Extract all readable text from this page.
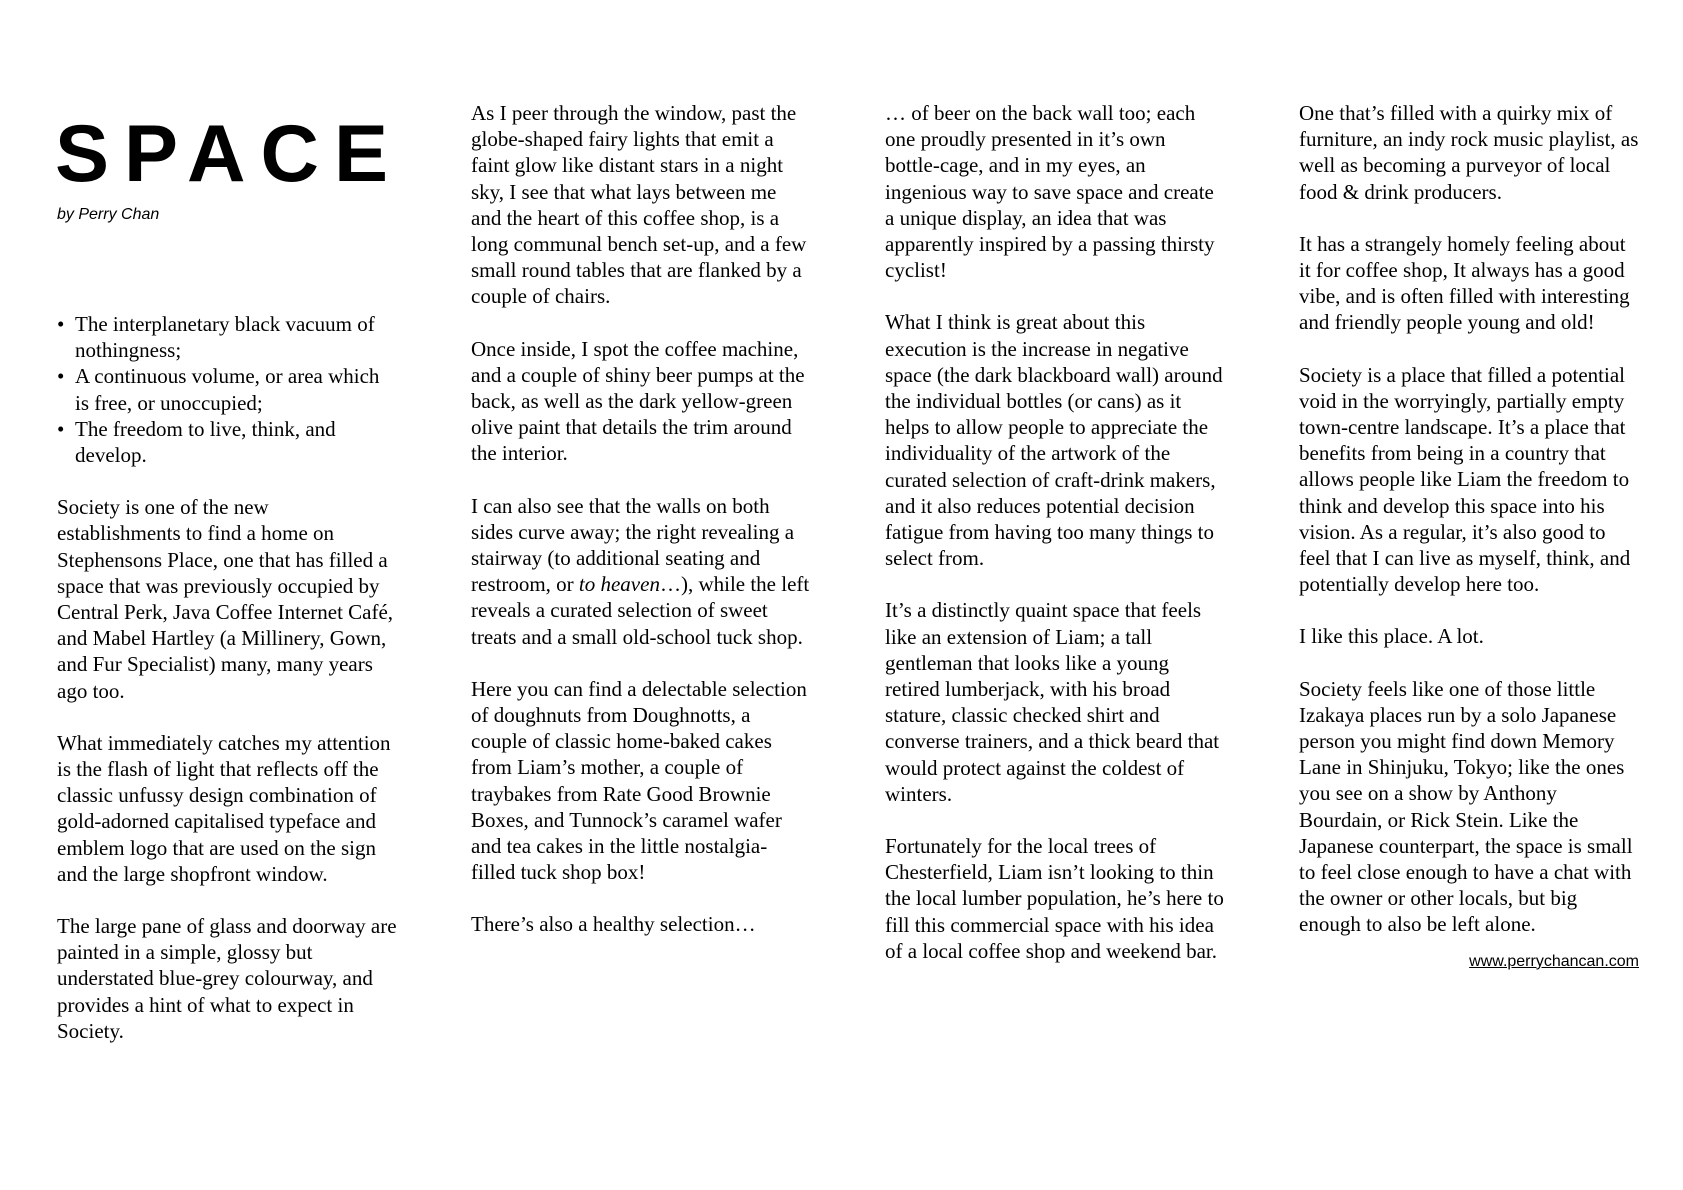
SPACE
by Perry Chan
• The interplanetary black vacuum of nothingness;
• A continuous volume, or area which is free, or unoccupied;
• The freedom to live, think, and develop.

Society is one of the new establishments to find a home on Stephensons Place, one that has filled a space that was previously occupied by Central Perk, Java Coffee Internet Café, and Mabel Hartley (a Millinery, Gown, and Fur Specialist) many, many years ago too.

What immediately catches my attention is the flash of light that reflects off the classic unfussy design combination of gold-adorned capitalised typeface and emblem logo that are used on the sign and the large shopfront window.

The large pane of glass and doorway are painted in a simple, glossy but understated blue-grey colourway, and provides a hint of what to expect in Society.

As I peer through the window, past the globe-shaped fairy lights that emit a faint glow like distant stars in a night sky, I see that what lays between me and the heart of this coffee shop, is a long communal bench set-up, and a few small round tables that are flanked by a couple of chairs.

Once inside, I spot the coffee machine, and a couple of shiny beer pumps at the back, as well as the dark yellow-green olive paint that details the trim around the interior.

I can also see that the walls on both sides curve away; the right revealing a stairway (to additional seating and restroom, or to heaven…), while the left reveals a curated selection of sweet treats and a small old-school tuck shop.

Here you can find a delectable selection of doughnuts from Doughnotts, a couple of classic home-baked cakes from Liam’s mother, a couple of traybakes from Rate Good Brownie Boxes, and Tunnock’s caramel wafer and tea cakes in the little nostalgia-filled tuck shop box!

There’s also a healthy selection…

… of beer on the back wall too; each one proudly presented in it’s own bottle-cage, and in my eyes, an ingenious way to save space and create a unique display, an idea that was apparently inspired by a passing thirsty cyclist!

What I think is great about this execution is the increase in negative space (the dark blackboard wall) around the individual bottles (or cans) as it helps to allow people to appreciate the individuality of the artwork of the curated selection of craft-drink makers, and it also reduces potential decision fatigue from having too many things to select from.

It’s a distinctly quaint space that feels like an extension of Liam; a tall gentleman that looks like a young retired lumberjack, with his broad stature, classic checked shirt and converse trainers, and a thick beard that would protect against the coldest of winters.

Fortunately for the local trees of Chesterfield, Liam isn’t looking to thin the local lumber population, he’s here to fill this commercial space with his idea of a local coffee shop and weekend bar.

One that’s filled with a quirky mix of furniture, an indy rock music playlist, as well as becoming a purveyor of local food & drink producers.

It has a strangely homely feeling about it for coffee shop, It always has a good vibe, and is often filled with interesting and friendly people young and old!

Society is a place that filled a potential void in the worryingly, partially empty town-centre landscape. It’s a place that benefits from being in a country that allows people like Liam the freedom to think and develop this space into his vision. As a regular, it’s also good to feel that I can live as myself, think, and potentially develop here too.

I like this place. A lot.

Society feels like one of those little Izakaya places run by a solo Japanese person you might find down Memory Lane in Shinjuku, Tokyo; like the ones you see on a show by Anthony Bourdain, or Rick Stein. Like the Japanese counterpart, the space is small to feel close enough to have a chat with the owner or other locals, but big enough to also be left alone.

www.perrychancan.com
